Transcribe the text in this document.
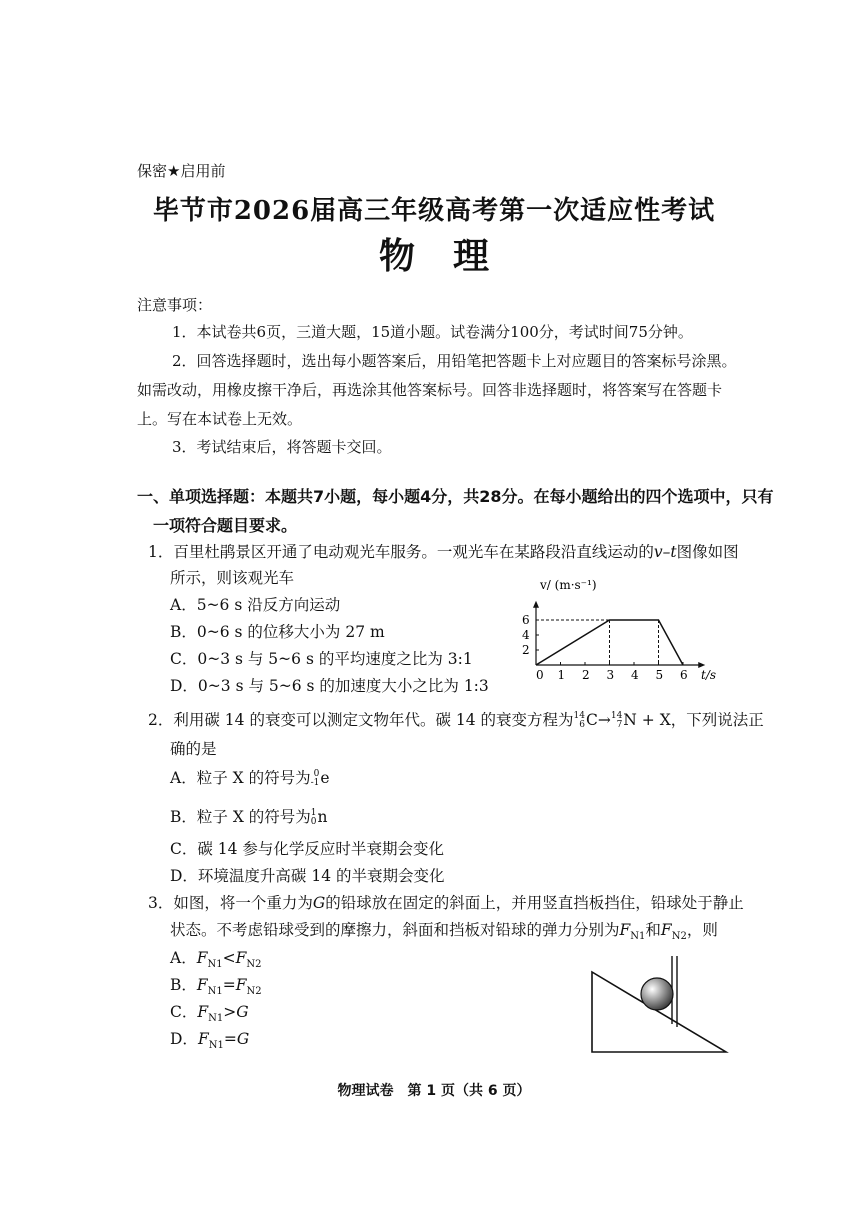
保密★启用前
毕节市2026届高三年级高考第一次适应性考试
物理
注意事项：
1．本试卷共6页，三道大题，15道小题。试卷满分100分，考试时间75分钟。
2．回答选择题时，选出每小题答案后，用铅笔把答题卡上对应题目的答案标号涂黑。
如需改动，用橡皮擦干净后，再选涂其他答案标号。回答非选择题时，将答案写在答题卡
上。写在本试卷上无效。
3．考试结束后，将答题卡交回。
一、单项选择题：本题共7小题，每小题4分，共28分。在每小题给出的四个选项中，只有
一项符合题目要求。
1．百里杜鹃景区开通了电动观光车服务。一观光车在某路段沿直线运动的v–t图像如图
所示，则该观光车
A．5~6 s 沿反方向运动
B．0~6 s 的位移大小为 27 m
C．0~3 s 与 5~6 s 的平均速度之比为 3:1
D．0~3 s 与 5~6 s 的加速度大小之比为 1:3
v/ (m·s⁻¹)
t/s
0 1 2 3 4 5 6
2
4
6
2．利用碳 14 的衰变可以测定文物年代。碳 14 的衰变方程为 14
6 C→ 14
7 N + X，下列说法正
确的是
A．粒子 X 的符号为 0
-1 e
B．粒子 X 的符号为 1
0 n
C．碳 14 参与化学反应时半衰期会变化
D．环境温度升高碳 14 的半衰期会变化
3．如图，将一个重力为G的铅球放在固定的斜面上，并用竖直挡板挡住，铅球处于静止
状态。不考虑铅球受到的摩擦力，斜面和挡板对铅球的弹力分别为$F_{N1}$和$F_{N2}$，则
A．$F_{N1}<F_{N2}$
B．$F_{N1}=F_{N2}$
C．$F_{N1}>G$
D．$F_{N1}=G$
物理试卷　第 1 页（共 6 页）
